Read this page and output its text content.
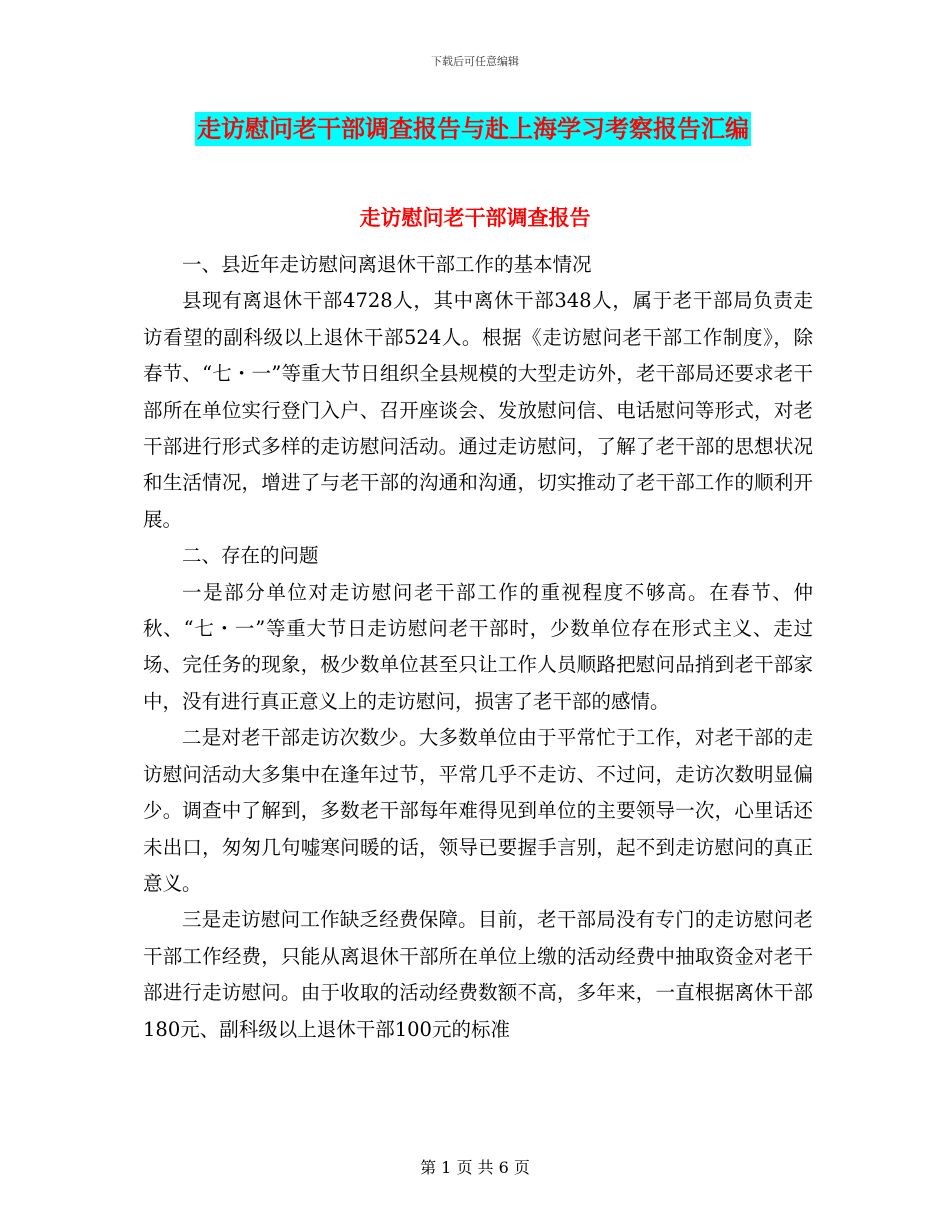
下载后可任意编辑
走访慰问老干部调查报告与赴上海学习考察报告汇编
走访慰问老干部调查报告

一、县近年走访慰问离退休干部工作的基本情况

县现有离退休干部4728人，其中离休干部348人，属于老干部局负责走访看望的副科级以上退休干部524人。根据《走访慰问老干部工作制度》，除春节、“七・一”等重大节日组织全县规模的大型走访外，老干部局还要求老干部所在单位实行登门入户、召开座谈会、发放慰问信、电话慰问等形式，对老干部进行形式多样的走访慰问活动。通过走访慰问，了解了老干部的思想状况和生活情况，增进了与老干部的沟通和沟通，切实推动了老干部工作的顺利开展。

二、存在的问题

一是部分单位对走访慰问老干部工作的重视程度不够高。在春节、仲秋、“七・一”等重大节日走访慰问老干部时，少数单位存在形式主义、走过场、完任务的现象，极少数单位甚至只让工作人员顺路把慰问品捎到老干部家中，没有进行真正意义上的走访慰问，损害了老干部的感情。

二是对老干部走访次数少。大多数单位由于平常忙于工作，对老干部的走访慰问活动大多集中在逢年过节，平常几乎不走访、不过问，走访次数明显偏少。调查中了解到，多数老干部每年难得见到单位的主要领导一次，心里话还未出口，匆匆几句嘘寒问暖的话，领导已要握手言别，起不到走访慰问的真正意义。

三是走访慰问工作缺乏经费保障。目前，老干部局没有专门的走访慰问老干部工作经费，只能从离退休干部所在单位上缴的活动经费中抽取资金对老干部进行走访慰问。由于收取的活动经费数额不高，多年来，一直根据离休干部180元、副科级以上退休干部100元的标准

第 1 页 共 6 页
